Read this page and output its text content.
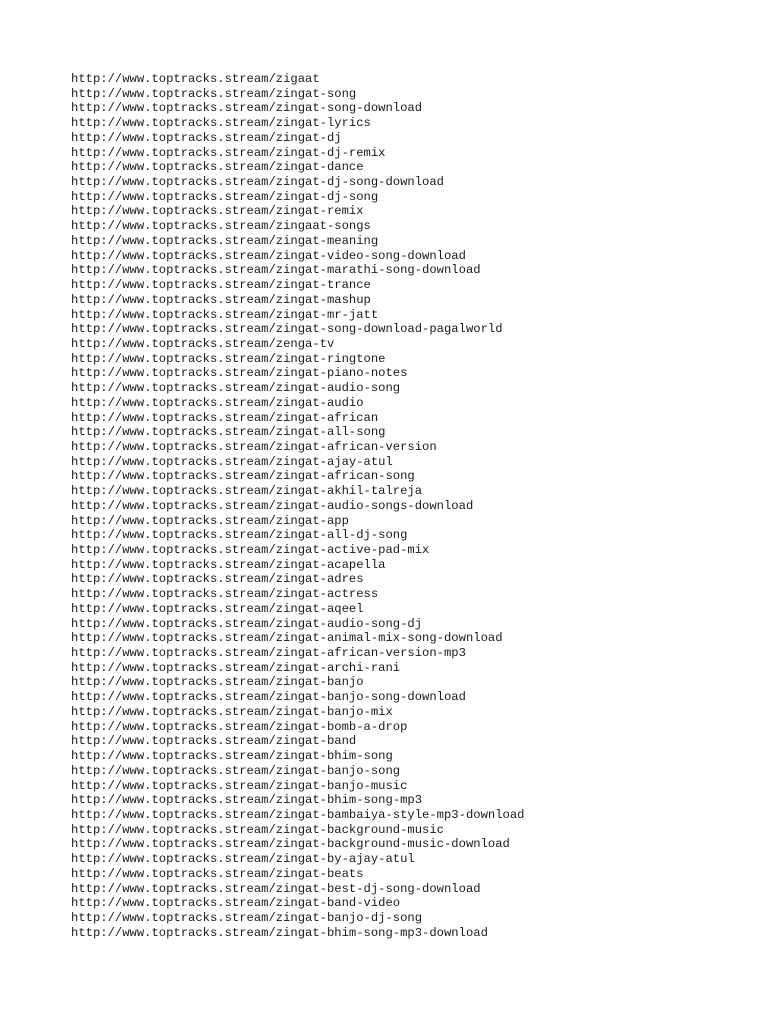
http://www.toptracks.stream/zigaat
http://www.toptracks.stream/zingat-song
http://www.toptracks.stream/zingat-song-download
http://www.toptracks.stream/zingat-lyrics
http://www.toptracks.stream/zingat-dj
http://www.toptracks.stream/zingat-dj-remix
http://www.toptracks.stream/zingat-dance
http://www.toptracks.stream/zingat-dj-song-download
http://www.toptracks.stream/zingat-dj-song
http://www.toptracks.stream/zingat-remix
http://www.toptracks.stream/zingaat-songs
http://www.toptracks.stream/zingat-meaning
http://www.toptracks.stream/zingat-video-song-download
http://www.toptracks.stream/zingat-marathi-song-download
http://www.toptracks.stream/zingat-trance
http://www.toptracks.stream/zingat-mashup
http://www.toptracks.stream/zingat-mr-jatt
http://www.toptracks.stream/zingat-song-download-pagalworld
http://www.toptracks.stream/zenga-tv
http://www.toptracks.stream/zingat-ringtone
http://www.toptracks.stream/zingat-piano-notes
http://www.toptracks.stream/zingat-audio-song
http://www.toptracks.stream/zingat-audio
http://www.toptracks.stream/zingat-african
http://www.toptracks.stream/zingat-all-song
http://www.toptracks.stream/zingat-african-version
http://www.toptracks.stream/zingat-ajay-atul
http://www.toptracks.stream/zingat-african-song
http://www.toptracks.stream/zingat-akhil-talreja
http://www.toptracks.stream/zingat-audio-songs-download
http://www.toptracks.stream/zingat-app
http://www.toptracks.stream/zingat-all-dj-song
http://www.toptracks.stream/zingat-active-pad-mix
http://www.toptracks.stream/zingat-acapella
http://www.toptracks.stream/zingat-adres
http://www.toptracks.stream/zingat-actress
http://www.toptracks.stream/zingat-aqeel
http://www.toptracks.stream/zingat-audio-song-dj
http://www.toptracks.stream/zingat-animal-mix-song-download
http://www.toptracks.stream/zingat-african-version-mp3
http://www.toptracks.stream/zingat-archi-rani
http://www.toptracks.stream/zingat-banjo
http://www.toptracks.stream/zingat-banjo-song-download
http://www.toptracks.stream/zingat-banjo-mix
http://www.toptracks.stream/zingat-bomb-a-drop
http://www.toptracks.stream/zingat-band
http://www.toptracks.stream/zingat-bhim-song
http://www.toptracks.stream/zingat-banjo-song
http://www.toptracks.stream/zingat-banjo-music
http://www.toptracks.stream/zingat-bhim-song-mp3
http://www.toptracks.stream/zingat-bambaiya-style-mp3-download
http://www.toptracks.stream/zingat-background-music
http://www.toptracks.stream/zingat-background-music-download
http://www.toptracks.stream/zingat-by-ajay-atul
http://www.toptracks.stream/zingat-beats
http://www.toptracks.stream/zingat-best-dj-song-download
http://www.toptracks.stream/zingat-band-video
http://www.toptracks.stream/zingat-banjo-dj-song
http://www.toptracks.stream/zingat-bhim-song-mp3-download
